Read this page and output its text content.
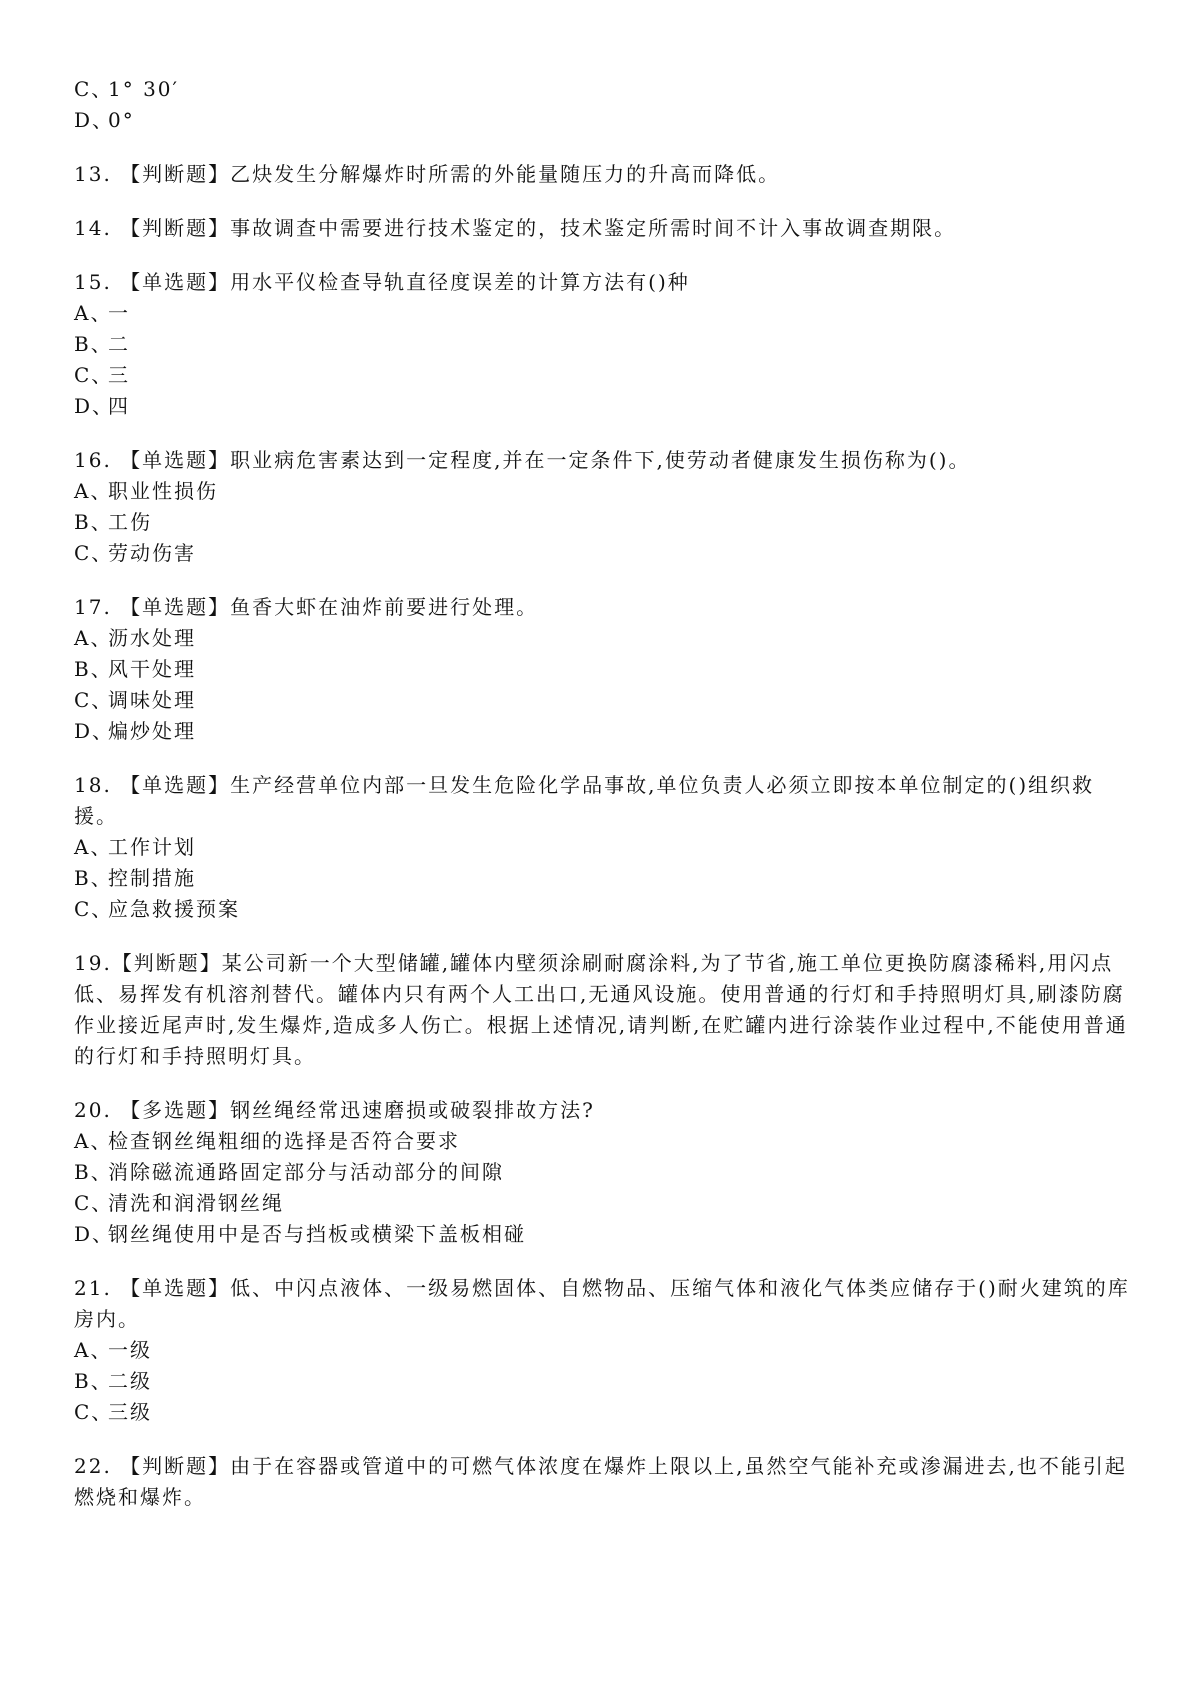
C、1° 30′
D、0°
13. 【判断题】乙炔发生分解爆炸时所需的外能量随压力的升高而降低。
14. 【判断题】事故调查中需要进行技术鉴定的，技术鉴定所需时间不计入事故调查期限。
15. 【单选题】用水平仪检查导轨直径度误差的计算方法有()种
A、一
B、二
C、三
D、四
16. 【单选题】职业病危害素达到一定程度,并在一定条件下,使劳动者健康发生损伤称为()。
A、职业性损伤
B、工伤
C、劳动伤害
17. 【单选题】鱼香大虾在油炸前要进行处理。
A、沥水处理
B、风干处理
C、调味处理
D、煸炒处理
18. 【单选题】生产经营单位内部一旦发生危险化学品事故,单位负责人必须立即按本单位制定的()组织救援。
A、工作计划
B、控制措施
C、应急救援预案
19.【判断题】某公司新一个大型储罐,罐体内壁须涂刷耐腐涂料,为了节省,施工单位更换防腐漆稀料,用闪点低、易挥发有机溶剂替代。罐体内只有两个人工出口,无通风设施。使用普通的行灯和手持照明灯具,刷漆防腐作业接近尾声时,发生爆炸,造成多人伤亡。根据上述情况,请判断,在贮罐内进行涂装作业过程中,不能使用普通的行灯和手持照明灯具。
20. 【多选题】钢丝绳经常迅速磨损或破裂排故方法?
A、检查钢丝绳粗细的选择是否符合要求
B、消除磁流通路固定部分与活动部分的间隙
C、清洗和润滑钢丝绳
D、钢丝绳使用中是否与挡板或横梁下盖板相碰
21. 【单选题】低、中闪点液体、一级易燃固体、自燃物品、压缩气体和液化气体类应储存于()耐火建筑的库房内。
A、一级
B、二级
C、三级
22. 【判断题】由于在容器或管道中的可燃气体浓度在爆炸上限以上,虽然空气能补充或渗漏进去,也不能引起燃烧和爆炸。
